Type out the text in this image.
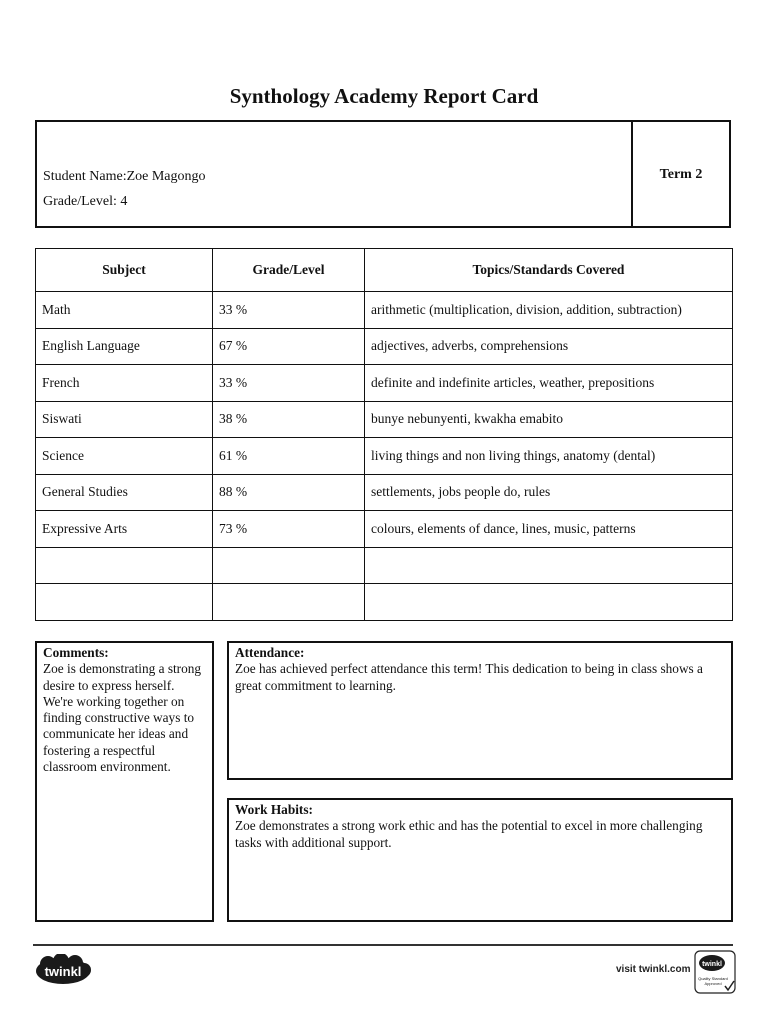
Synthology Academy Report Card
Student Name:Zoe Magongo
Grade/Level: 4
Term 2
Subject	Grade/Level	Topics/Standards Covered
Math	33 %	arithmetic (multiplication, division, addition, subtraction)
English Language	67 %	adjectives, adverbs, comprehensions
French	33 %	definite and indefinite articles, weather, prepositions
Siswati	38 %	bunye nebunyenti, kwakha emabito
Science	61 %	living things and non living things, anatomy (dental)
General Studies	88 %	settlements, jobs people do, rules
Expressive Arts	73 %	colours, elements of dance, lines, music, patterns

Comments:
Zoe is demonstrating a strong desire to express herself. We're working together on finding constructive ways to communicate her ideas and fostering a respectful classroom environment.
Attendance:
Zoe has achieved perfect attendance this term! This dedication to being in class shows a great commitment to learning.
Work Habits:
Zoe demonstrates a strong work ethic and has the potential to excel in more challenging tasks with additional support.
twinkl	visit twinkl.com twinkl
Quality Standard
Approved
